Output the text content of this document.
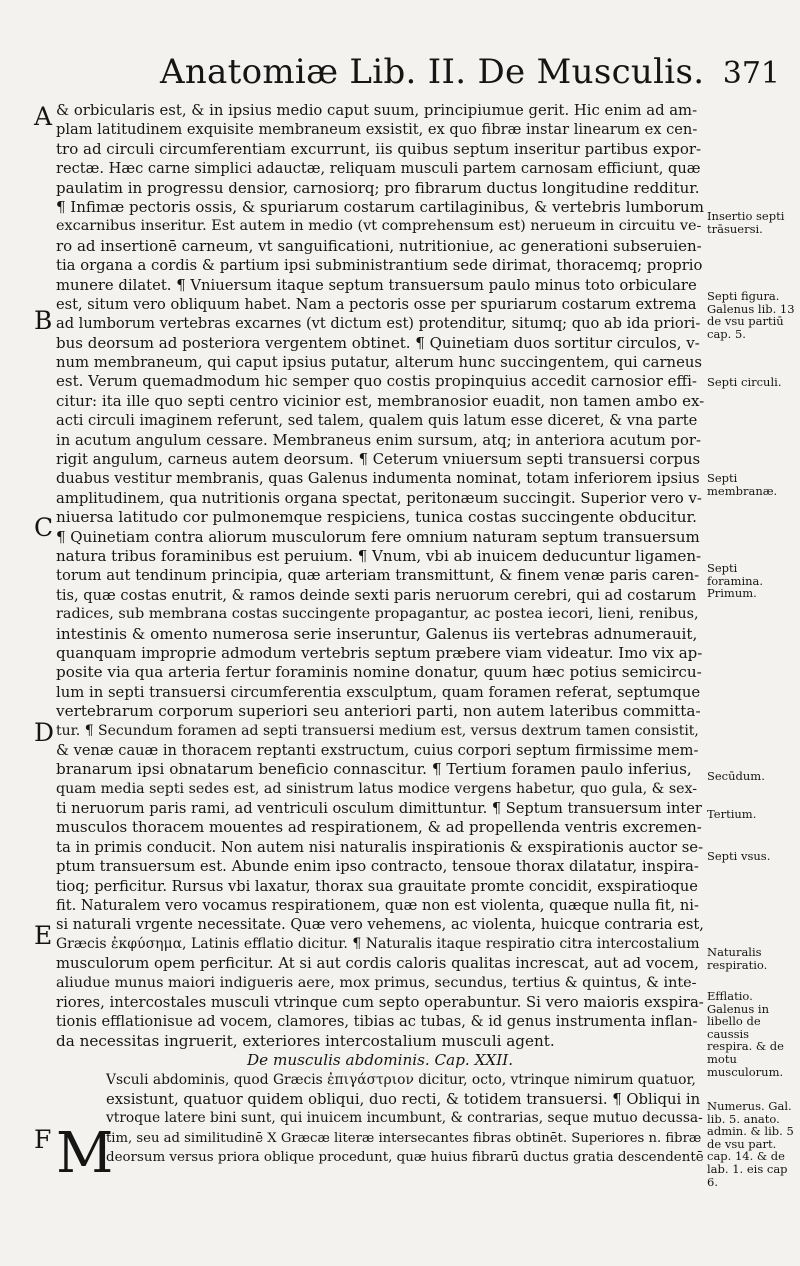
Anatomiæ Lib. II. De Musculis. 371
A
B
C
D
E
F
& orbicularis est, & in ipsius medio caput suum, principiumue gerit. Hic enim ad am-
plam latitudinem exquisite membraneum exsistit, ex quo fibræ instar linearum ex cen-
tro ad circuli circumferentiam excurrunt, iis quibus septum inseritur partibus expor-
rectæ. Hæc carne simplici adauctæ, reliquam musculi partem carnosam efficiunt, quæ
paulatim in progressu densior, carnosiorq; pro fibrarum ductus longitudine redditur.
¶ Infimæ pectoris ossis, & spuriarum costarum cartilaginibus, & vertebris lumborum
excarnibus inseritur. Est autem in medio (vt comprehensum est) nerueum in circuitu ve-
ro ad insertionē carneum, vt sanguificationi, nutritioniue, ac generationi subseruien-
tia organa a cordis & partium ipsi subministrantium sede dirimat, thoracemq; proprio
munere dilatet. ¶ Vniuersum itaque septum transuersum paulo minus toto orbiculare
est, situm vero obliquum habet. Nam a pectoris osse per spuriarum costarum extrema
ad lumborum vertebras excarnes (vt dictum est) protenditur, situmq; quo ab ida priori-
bus deorsum ad posteriora vergentem obtinet. ¶ Quinetiam duos sortitur circulos, v-
num membraneum, qui caput ipsius putatur, alterum hunc succingentem, qui carneus
est. Verum quemadmodum hic semper quo costis propinquius accedit carnosior effi-
citur: ita ille quo septi centro vicinior est, membranosior euadit, non tamen ambo ex-
acti circuli imaginem referunt, sed talem, qualem quis latum esse diceret, & vna parte
in acutum angulum cessare. Membraneus enim sursum, atq; in anteriora acutum por-
rigit angulum, carneus autem deorsum. ¶ Ceterum vniuersum septi transuersi corpus
duabus vestitur membranis, quas Galenus indumenta nominat, totam inferiorem ipsius
amplitudinem, qua nutritionis organa spectat, peritonæum succingit. Superior vero v-
niuersa latitudo cor pulmonemque respiciens, tunica costas succingente obducitur.
¶ Quinetiam contra aliorum musculorum fere omnium naturam septum transuersum
natura tribus foraminibus est peruium. ¶ Vnum, vbi ab inuicem deducuntur ligamen-
torum aut tendinum principia, quæ arteriam transmittunt, & finem venæ paris caren-
tis, quæ costas enutrit, & ramos deinde sexti paris neruorum cerebri, qui ad costarum
radices, sub membrana costas succingente propagantur, ac postea iecori, lieni, renibus,
intestinis & omento numerosa serie inseruntur, Galenus iis vertebras adnumerauit,
quanquam improprie admodum vertebris septum præbere viam videatur. Imo vix ap-
posite via qua arteria fertur foraminis nomine donatur, quum hæc potius semicircu-
lum in septi transuersi circumferentia exsculptum, quam foramen referat, septumque
vertebrarum corporum superiori seu anteriori parti, non autem lateribus committa-
tur. ¶ Secundum foramen ad septi transuersi medium est, versus dextrum tamen consistit,
& venæ cauæ in thoracem reptanti exstructum, cuius corpori septum firmissime mem-
branarum ipsi obnatarum beneficio connascitur. ¶ Tertium foramen paulo inferius,
quam media septi sedes est, ad sinistrum latus modice vergens habetur, quo gula, & sex-
ti neruorum paris rami, ad ventriculi osculum dimittuntur. ¶ Septum transuersum inter
musculos thoracem mouentes ad respirationem, & ad propellenda ventris excremen-
ta in primis conducit. Non autem nisi naturalis inspirationis & exspirationis auctor se-
ptum transuersum est. Abunde enim ipso contracto, tensoue thorax dilatatur, inspira-
tioq; perficitur. Rursus vbi laxatur, thorax sua grauitate promte concidit, exspiratioque
fit. Naturalem vero vocamus respirationem, quæ non est violenta, quæque nulla fit, ni-
si naturali vrgente necessitate. Quæ vero vehemens, ac violenta, huicque contraria est,
Græcis ἐκφύσημα, Latinis efflatio dicitur. ¶ Naturalis itaque respiratio citra intercostalium
musculorum opem perficitur. At si aut cordis caloris qualitas increscat, aut ad vocem,
aliudue munus maiori indigueris aere, mox primus, secundus, tertius & quintus, & inte-
riores, intercostales musculi vtrinque cum septo operabuntur. Si vero maioris exspira-
tionis efflationisue ad vocem, clamores, tibias ac tubas, & id genus instrumenta inflan-
da necessitas ingruerit, exteriores intercostalium musculi agent.
De musculis abdominis. Cap. XXII.
Vsculi abdominis, quod Græcis ἐπιγάστριον dicitur, octo, vtrinque nimirum quatuor,
exsistunt, quatuor quidem obliqui, duo recti, & totidem transuersi. ¶ Obliqui in
vtroque latere bini sunt, qui inuicem incumbunt, & contrarias, seque mutuo decussa-
tim, seu ad similitudinē X Græcæ literæ intersecantes fibras obtinēt. Superiores n. fibræ
deorsum versus priora oblique procedunt, quæ huius fibrarū ductus gratia descendentē
M
Insertio septi trāsuersi.
Septi figura. Galenus lib. 13 de vsu partiū cap. 5.
Septi circuli.
Septi membranæ.
Septi foramina. Primum.
Secūdum.
Tertium.
Septi vsus.
Naturalis respiratio.
Efflatio. Galenus in libello de caussis respira. & de motu musculorum.
Numerus. Gal. lib. 5. anato. admin. & lib. 5 de vsu part. cap. 14. & de lab. 1. eis cap 6.
